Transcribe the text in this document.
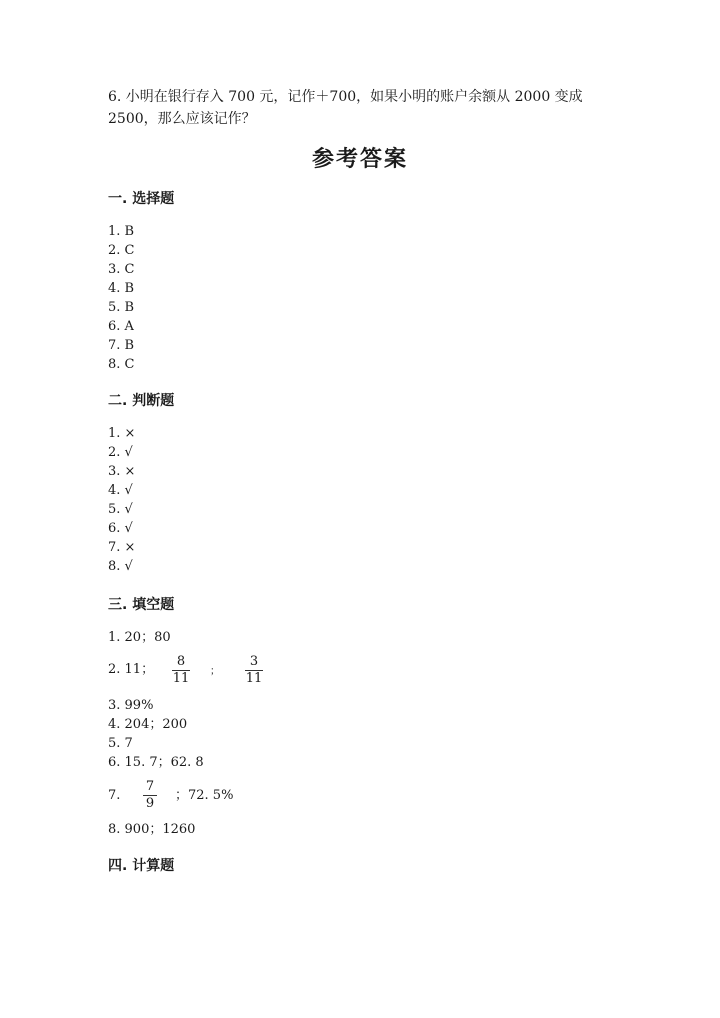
6. 小明在银行存入 700 元，记作＋700，如果小明的账户余额从 2000 变成
2500，那么应该记作？
参考答案
一. 选择题
1. B
2. C
3. C
4. B
5. B
6. A
7. B
8. C
二. 判断题
1. ×
2. √
3. ×
4. √
5. √
6. √
7. ×
8. √
三. 填空题
1. 20；80
2. 11；
8
11 ；
3
11
3. 99%
4. 204；200
5. 7
6. 15. 7；62. 8
7.
7
9
；72. 5%
8. 900；1260
四. 计算题
